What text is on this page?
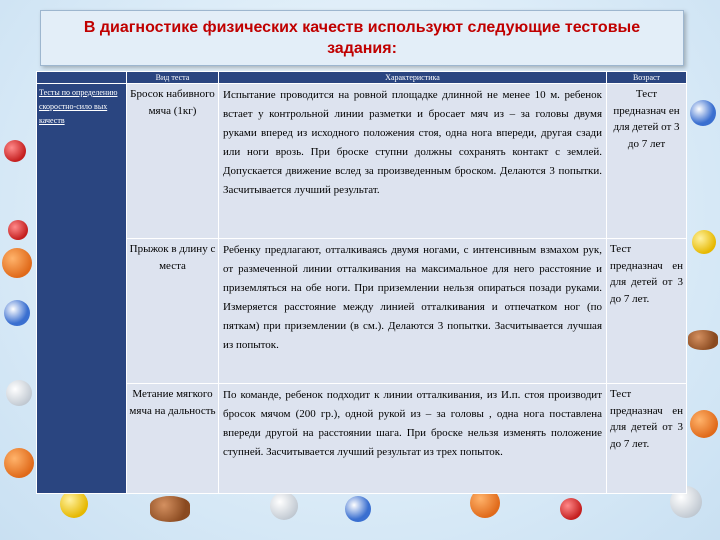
В диагностике физических качеств используют следующие тестовые задания:
	Вид теста	Характеристика	Возраст
Тесты по определению скоростно-сило вых качеств	Бросок набивного мяча (1кг)	Испытание проводится на ровной площадке длинной не менее 10 м. ребенок встает у контрольной линии разметки и бросает мяч из – за головы двумя руками вперед из исходного положения стоя, одна нога впереди, другая сзади или ноги врозь. При броске ступни должны сохранять контакт с землей. Допускается движение вслед за произведенным броском. Делаются 3 попытки. Засчитывается лучший результат.	Тест предназнач ен для детей от 3 до 7 лет
	Прыжок в длину с места	Ребенку предлагают, отталкиваясь двумя ногами, с интенсивным взмахом рук, от размеченной линии отталкивания на максимальное для него расстояние и приземляться на обе ноги. При приземлении нельзя опираться позади руками. Измеряется расстояние между линией отталкивания и отпечатком ног (по пяткам) при приземлении (в см.). Делаются 3 попытки. Засчитывается лучшая из попыток.	Тест предназнач ен для детей от 3 до 7 лет.
	Метание мягкого мяча на дальность	По команде, ребенок подходит к линии отталкивания, из И.п. стоя производит бросок мячом (200 гр.), одной рукой из – за головы , одна нога поставлена впереди другой на расстоянии шага. При броске нельзя изменять положение ступней. Засчитывается лучший результат из трех попыток.	Тест предназнач ен для детей от 3 до 7 лет.
